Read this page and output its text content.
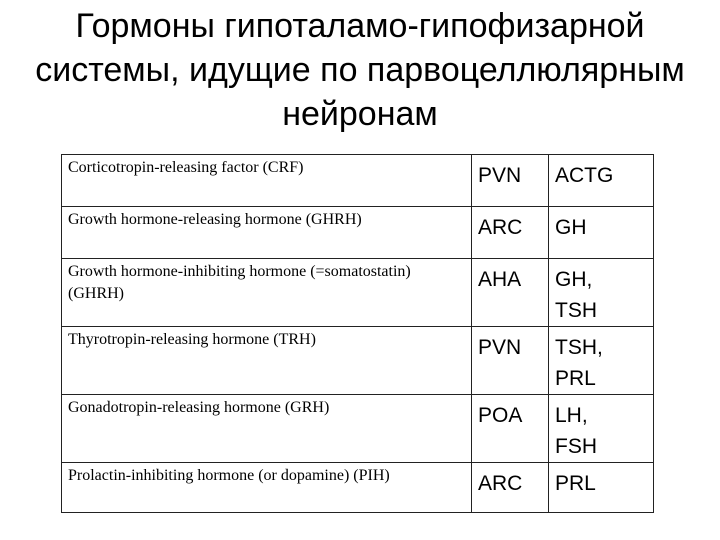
Гормоны гипоталамо-гипофизарной
системы, идущие по парвоцеллюлярным
нейронам
Corticotropin-releasing factor (CRF)	PVN	ACTG

Growth hormone-releasing hormone (GHRH)	ARC	GH

Growth hormone-inhibiting hormone (=somatostatin) (GHRH)	AHA	GH,
TSH

Thyrotropin-releasing hormone (TRH)	PVN	TSH,
PRL

Gonadotropin-releasing hormone (GRH)	POA	LH,
FSH

Prolactin-inhibiting hormone (or dopamine) (PIH)	ARC	PRL
